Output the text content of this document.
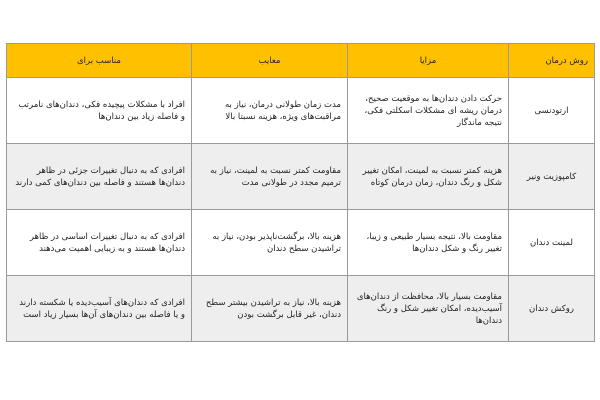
روش درمان	مزایا	معایب	مناسب برای
ارتودنسی	حرکت دادن دندان‌ها به موقعیت صحیح، درمان ریشه ای مشکلات اسکلتی فکی، نتیجه ماندگار	مدت زمان طولانی درمان، نیاز به مراقبت‌های ویژه، هزینه نسبتا بالا	افراد با مشکلات پیچیده فکی، دندان‌های نامرتب و فاصله زیاد بین دندان‌ها
کامپوزیت ونیر	هزینه کمتر نسبت به لمینت، امکان تغییر شکل و رنگ دندان، زمان درمان کوتاه	مقاومت کمتر نسبت به لمینت، نیاز به ترمیم مجدد در طولانی مدت	افرادی که به دنبال تغییرات جزئی در ظاهر دندان‌ها هستند و فاصله بین دندان‌های کمی دارند
لمینت دندان	مقاومت بالا، نتیجه بسیار طبیعی و زیبا، تغییر رنگ و شکل دندان‌ها	هزینه بالا، برگشت‌ناپذیر بودن، نیاز به تراشیدن سطح دندان	افرادی که به دنبال تغییرات اساسی در ظاهر دندان‌ها هستند و به زیبایی اهمیت می‌دهند
روکش دندان	مقاومت بسیار بالا، محافظت از دندان‌های آسیب‌دیده، امکان تغییر شکل و رنگ دندان‌ها	هزینه بالا، نیاز به تراشیدن بیشتر سطح دندان، غیر قابل برگشت بودن	افرادی که دندان‌های آسیب‌دیده یا شکسته دارند و یا فاصله بین دندان‌های آن‌ها بسیار زیاد است
